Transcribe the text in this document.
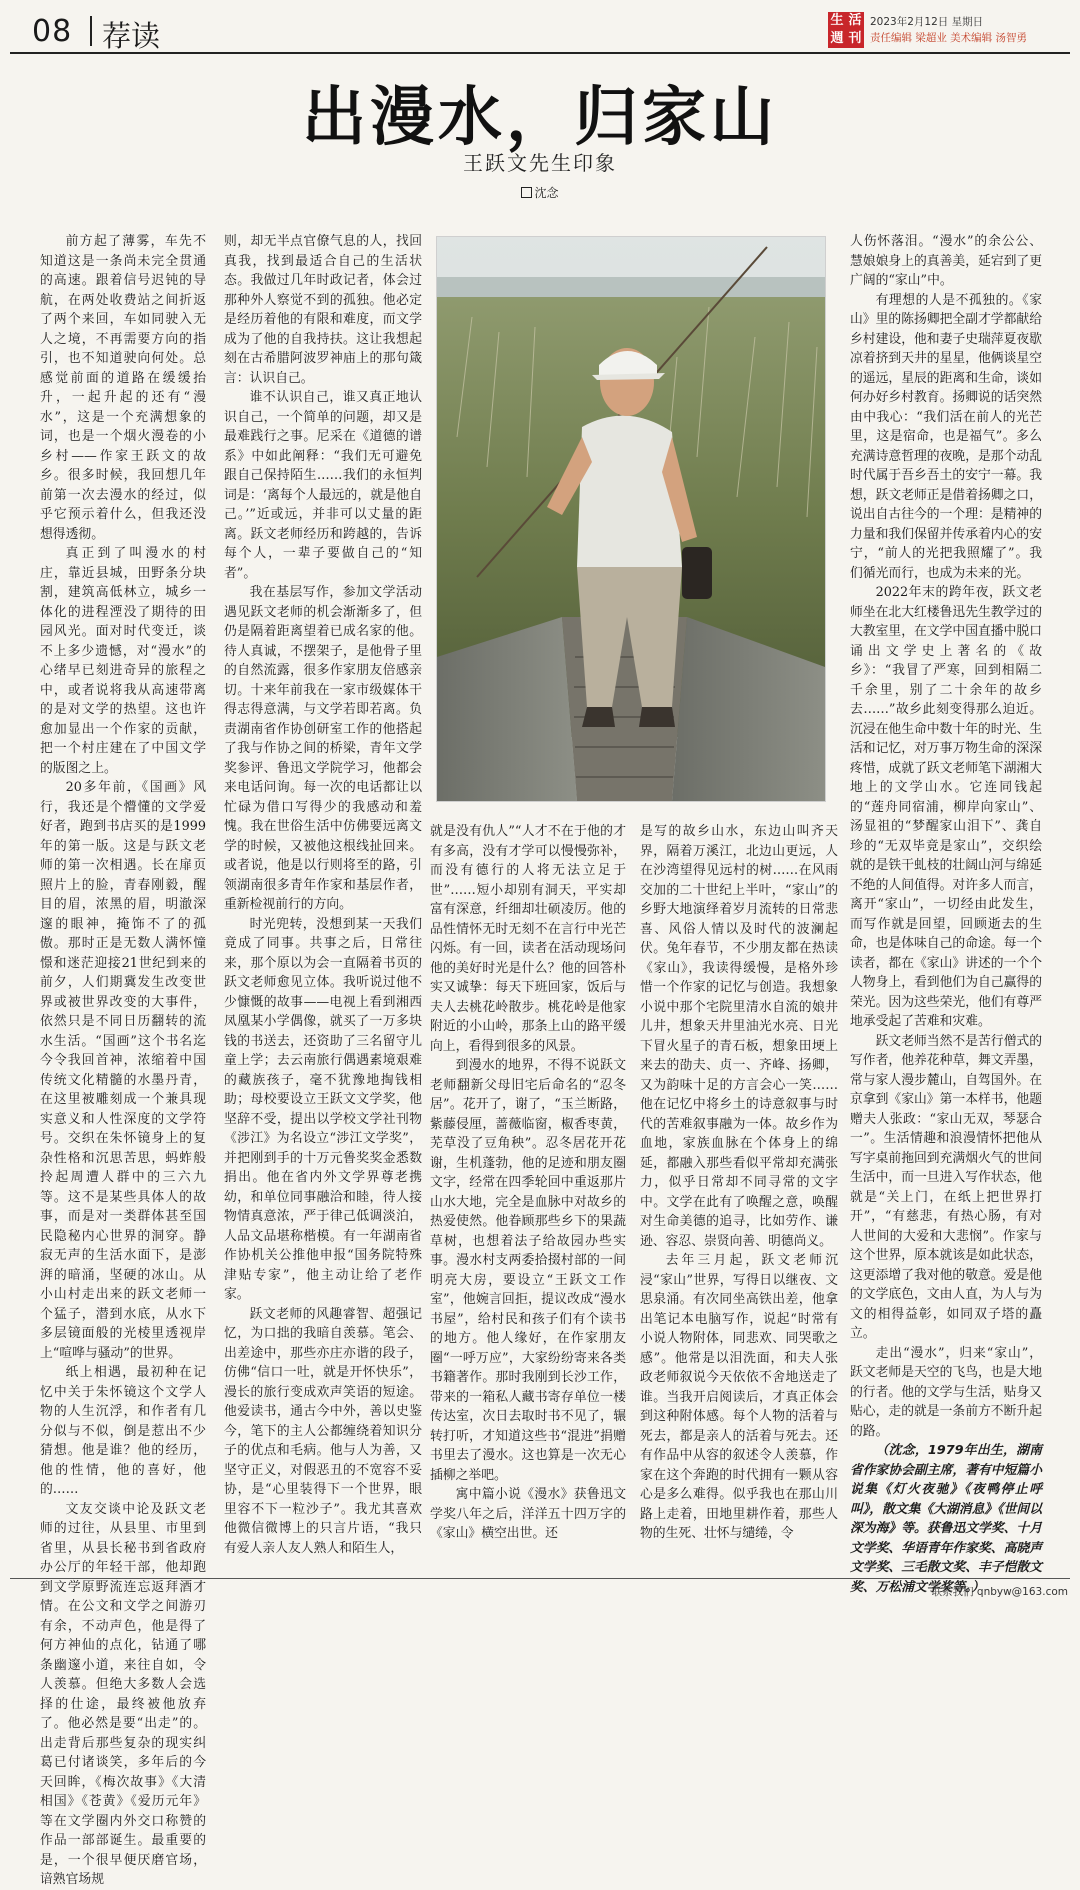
08 荐读	生 活
週 刊
2023年2月12日 星期日
责任编辑 梁超业 美术编辑 汤智勇
出漫水，归家山
王跃文先生印象
沈念

前方起了薄雾，车先不知道这是一条尚未完全贯通的高速。跟着信号迟钝的导航，在两处收费站之间折返了两个来回，车如同驶入无人之境，不再需要方向的指引，也不知道驶向何处。总感觉前面的道路在缓缓抬升，一起升起的还有“漫水”，这是一个充满想象的词，也是一个烟火漫卷的小乡村——作家王跃文的故乡。很多时候，我回想几年前第一次去漫水的经过，似乎它预示着什么，但我还没想得透彻。

真正到了叫漫水的村庄，靠近县城，田野条分块割，建筑高低林立，城乡一体化的进程湮没了期待的田园风光。面对时代变迁，谈不上多少遗憾，对“漫水”的心绪早已刻进奇异的旅程之中，或者说将我从高速带离的是对文学的热望。这也许愈加显出一个作家的贡献，把一个村庄建在了中国文学的版图之上。

20多年前，《国画》风行，我还是个懵懂的文学爱好者，跑到书店买的是1999年的第一版。这是与跃文老师的第一次相遇。长在扉页照片上的脸，青春刚毅，醒目的眉，浓黑的眉，明澈深邃的眼神，掩饰不了的孤傲。那时正是无数人满怀憧憬和迷茫迎接21世纪到来的前夕，人们期冀发生改变世界或被世界改变的大事件，依然只是不同日历翻转的流水生活。“国画”这个书名迄今令我回首神，浓缩着中国传统文化精髓的水墨丹青，在这里被雕刻成一个兼具现实意义和人性深度的文学符号。交织在朱怀镜身上的复杂性格和沉思苦思，蚂蚱般拎起周遭人群中的三六九等。这不是某些具体人的故事，而是对一类群体甚至国民隐秘内心世界的洞穿。静寂无声的生活水面下，是澎湃的暗涌，坚硬的冰山。从小山村走出来的跃文老师一个猛子，潜到水底，从水下多层镜面般的光棱里透视岸上“喧哗与骚动”的世界。

纸上相遇，最初种在记忆中关于朱怀镜这个文学人物的人生沉浮，和作者有几分似与不似，倒是惹出不少猜想。他是谁？他的经历，他的性情，他的喜好，他的……

文友交谈中论及跃文老师的过往，从县里、市里到省里，从县长秘书到省政府办公厅的年轻干部，他却跑到文学原野流连忘返拜酒才情。在公文和文学之间游刃有余，不动声色，他是得了何方神仙的点化，钻通了哪条幽邃小道，来往自如，令人羡慕。但绝大多数人会选择的仕途，最终被他放弃了。他必然是要“出走”的。出走背后那些复杂的现实纠葛已付诸谈笑，多年后的今天回眸，《梅次故事》《大清相国》《苍黄》《爱历元年》等在文学圈内外交口称赞的作品一部部诞生。最重要的是，一个很早便厌磨官场，谙熟官场规

则，却无半点官僚气息的人，找回真我，找到最适合自己的生活状态。我做过几年时政记者，体会过那种外人察觉不到的孤独。他必定是经历着他的有限和难度，而文学成为了他的自我持扶。这让我想起刻在古希腊阿波罗神庙上的那句箴言：认识自己。

谁不认识自己，谁又真正地认识自己，一个简单的问题，却又是最难践行之事。尼采在《道德的谱系》中如此阐释：“我们无可避免跟自己保持陌生……我们的永恒判词是：‘离每个人最远的，就是他自己。’”近或远，并非可以丈量的距离。跃文老师经历和跨越的，告诉每个人，一辈子要做自己的“知者”。

我在基层写作，参加文学活动遇见跃文老师的机会渐渐多了，但仍是隔着距离望着已成名家的他。待人真诚，不摆架子，是他骨子里的自然流露，很多作家朋友倍感亲切。十来年前我在一家市级媒体干得志得意满，与文学若即若离。负责湖南省作协创研室工作的他搭起了我与作协之间的桥梁，青年文学奖参评、鲁迅文学院学习，他都会来电话问询。每一次的电话都让以忙碌为借口写得少的我感动和羞愧。我在世俗生活中仿佛要远离文学的时候，又被他这根线扯回来。或者说，他是以行则将至的路，引领湖南很多青年作家和基层作者，重新检视前行的方向。

时光兜转，没想到某一天我们竟成了同事。共事之后，日常往来，那个原以为会一直隔着书页的跃文老师愈见立体。我听说过他不少慷慨的故事——电视上看到湘西凤凰某小学偶像，就买了一万多块钱的书送去，还资助了三名留守儿童上学；去云南旅行偶遇素境艰难的藏族孩子，毫不犹豫地掏钱相助；母校要设立王跃文文学奖，他坚辞不受，提出以学校文学社刊物《涉江》为名设立“涉江文学奖”，并把刚到手的十万元鲁奖奖金悉数捐出。他在省内外文学界尊老携幼，和单位同事融洽和睦，待人接物情真意浓，严于律己低调淡泊，人品文品堪称楷模。有一年湖南省作协机关公推他申报“国务院特殊津贴专家”，他主动让给了老作家。

跃文老师的风趣睿智、超强记忆，为口拙的我暗自羡慕。笔会、出差途中，那些亦庄亦谐的段子，仿佛“信口一吐，就是开怀快乐”，漫长的旅行变成欢声笑语的短途。他爱读书，通古今中外，善以史鉴今，笔下的主人公都缠绕着知识分子的优点和毛病。他与人为善，又坚守正义，对假恶丑的不宽容不妥协，是“心里装得下一个世界，眼里容不下一粒沙子”。我尤其喜欢他微信微博上的只言片语，“我只有爱人亲人友人熟人和陌生人，

就是没有仇人”“人才不在于他的才有多高，没有才学可以慢慢弥补，而没有德行的人将无法立足于世”……短小却别有洞天，平实却富有深意，纤细却壮硕凌厉。他的品性情怀无时无刻不在言行中光芒闪烁。有一回，读者在活动现场问他的美好时光是什么？他的回答朴实又诚挚：每天下班回家，饭后与夫人去桃花岭散步。桃花岭是他家附近的小山岭，那条上山的路平缓向上，看得到很多的风景。

到漫水的地界，不得不说跃文老师翻新父母旧宅后命名的“忍冬居”。花开了，谢了，“玉兰断路，紫藤侵厘，蔷薇临窗，椒香枣黄，芜草没了豆角秧”。忍冬居花开花谢，生机蓬勃，他的足迹和朋友圈文字，经常在四季轮回中重返那片山水大地，完全是血脉中对故乡的热爱使然。他眷顾那些乡下的果蔬草树，也想着法子给故园办些实事。漫水村支两委拾掇村部的一间明亮大房，要设立“王跃文工作室”，他婉言回拒，提议改成“漫水书屋”，给村民和孩子们有个读书的地方。他人缘好，在作家朋友圈“一呼万应”，大家纷纷寄来各类书籍著作。那时我刚到长沙工作，带来的一箱私人藏书寄存单位一楼传达室，次日去取时书不见了，辗转打听，才知道这些书“混进”捐赠书里去了漫水。这也算是一次无心插柳之举吧。

寓中篇小说《漫水》获鲁迅文学奖八年之后，洋洋五十四万字的《家山》横空出世。还

是写的故乡山水，东边山叫齐天界，隔着万溪江，北边山更远，人在沙湾望得见远村的树……在风雨交加的二十世纪上半叶，“家山”的乡野大地演绎着岁月流转的日常悲喜、风俗人情以及时代的波澜起伏。兔年春节，不少朋友都在热读《家山》，我读得缓慢，是格外珍惜一个作家的记忆与创造。我想象小说中那个宅院里清水自流的娘井儿井，想象天井里油光水亮、日光下冒火星子的青石板，想象田埂上来去的劭夫、贞一、齐峰、扬卿，又为韵味十足的方言会心一笑……他在记忆中将乡土的诗意叙事与时代的苦难叙事融为一体。故乡作为血地，家族血脉在个体身上的绵延，都融入那些看似平常却充满张力，似乎日常却不同寻常的文字中。文学在此有了唤醒之意，唤醒对生命美德的追寻，比如劳作、谦逊、容忍、崇贤向善、明德尚义。

去年三月起，跃文老师沉浸“家山”世界，写得日以继夜、文思泉涌。有次同坐高铁出差，他拿出笔记本电脑写作，说起“时常有小说人物附体，同悲欢、同哭歌之感”。他常是以泪洗面，和夫人张政老师叙说今天依依不舍地送走了谁。当我开启阅读后，才真正体会到这种附体感。每个人物的活着与死去，都是亲人的活着与死去。还有作品中从容的叙述令人羡慕，作家在这个奔跑的时代拥有一颗从容心是多么难得。似乎我也在那山川路上走着，田地里耕作着，那些人物的生死、壮怀与缱绻，令

人伤怀落泪。“漫水”的余公公、慧娘娘身上的真善美，延宕到了更广阔的“家山”中。

有理想的人是不孤独的。《家山》里的陈扬卿把全副才学都献给乡村建设，他和妻子史瑞萍夏夜歇凉着挤到天井的星星，他俩谈星空的遥远，星辰的距离和生命，谈如何办好乡村教育。扬卿说的话突然由中我心：“我们活在前人的光芒里，这是宿命，也是福气”。多么充满诗意哲理的夜晚，是那个动乱时代属于吾乡吾土的安宁一幕。我想，跃文老师正是借着扬卿之口，说出自古往今的一个理：是精神的力量和我们保留并传承着内心的安宁，“前人的光把我照耀了”。我们循光而行，也成为未来的光。

2022年末的跨年夜，跃文老师坐在北大红楼鲁迅先生教学过的大教室里，在文学中国直播中脱口诵出文学史上著名的《故乡》：“我冒了严寒，回到相隔二千余里，别了二十余年的故乡去……”故乡此刻变得那么迫近。沉浸在他生命中数十年的时光、生活和记忆，对万事万物生命的深深疼惜，成就了跃文老师笔下湖湘大地上的文学山水。它连同钱起的“莲舟同宿浦，柳岸向家山”、汤显祖的“梦醒家山泪下”、龚自珍的“无双毕竟是家山”，交织绘就的是铁干虬枝的壮阔山河与绵延不绝的人间值得。对许多人而言，离开“家山”，一切经由此发生，而写作就是回望，回顾逝去的生命，也是体味自己的命途。每一个读者，都在《家山》讲述的一个个人物身上，看到他们为自己赢得的荣光。因为这些荣光，他们有尊严地承受起了苦难和灾难。

跃文老师当然不是苦行僧式的写作者，他养花种草，舞文弄墨，常与家人漫步麓山，自驾国外。在京拿到《家山》第一本样书，他题赠夫人张政：“家山无双，琴瑟合一”。生活情趣和浪漫情怀把他从写字桌前拖回到充满烟火气的世间生活中，而一旦进入写作状态，他就是“关上门，在纸上把世界打开”，“有慈悲，有热心肠，有对人世间的大爱和大悲悯”。作家与这个世界，原本就该是如此状态，这更添增了我对他的敬意。爱是他的文学底色，文由人直，为人与为文的相得益彰，如同双子塔的矗立。

走出“漫水”，归来“家山”，跃文老师是天空的飞鸟，也是大地的行者。他的文学与生活，贴身又贴心，走的就是一条前方不断升起的路。

（沈念，1979年出生，湖南省作家协会副主席，著有中短篇小说集《灯火夜驰》《夜鸭停止呼叫》，散文集《大湖消息》《世间以深为海》等。获鲁迅文学奖、十月文学奖、华语青年作家奖、高晓声文学奖、三毛散文奖、丰子恺散文奖、万松浦文学奖等。）

联系我们 qnbyw@163.com
